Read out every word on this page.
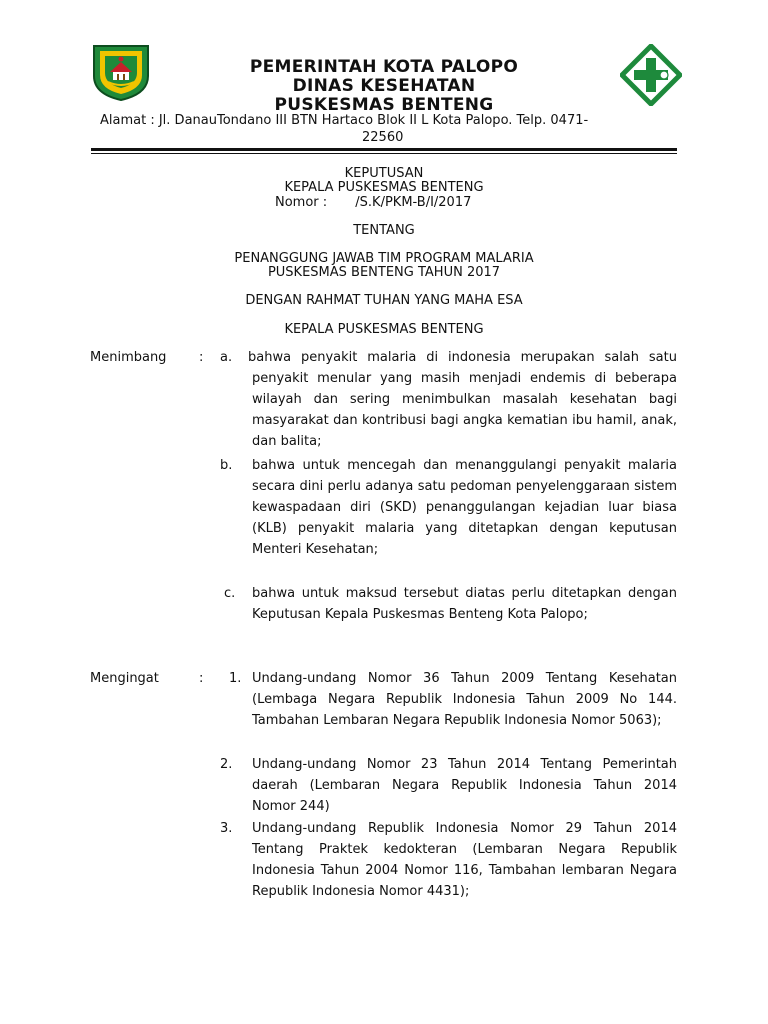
PEMERINTAH KOTA PALOPO
DINAS KESEHATAN
PUSKESMAS BENTENG
Alamat : Jl. DanauTondano III BTN Hartaco Blok II L Kota Palopo. Telp. 0471-
22560
KEPUTUSAN
KEPALA PUSKESMAS BENTENG
Nomor : /S.K/PKM-B/I/2017
TENTANG
PENANGGUNG JAWAB TIM PROGRAM MALARIA
PUSKESMAS BENTENG TAHUN 2017
DENGAN RAHMAT TUHAN YANG MAHA ESA
KEPALA PUSKESMAS BENTENG
Menimbang	: a. bahwa penyakit malaria di indonesia merupakan salah satu penyakit menular yang masih menjadi endemis di beberapa wilayah dan sering menimbulkan masalah kesehatan bagi masyarakat dan kontribusi bagi angka kematian ibu hamil, anak, dan balita;
b. bahwa untuk mencegah dan menanggulangi penyakit malaria secara dini perlu adanya satu pedoman penyelenggaraan sistem kewaspadaan diri (SKD) penanggulangan kejadian luar biasa (KLB) penyakit malaria yang ditetapkan dengan keputusan Menteri Kesehatan;
c. bahwa untuk maksud tersebut diatas perlu ditetapkan dengan Keputusan Kepala Puskesmas Benteng Kota Palopo;
Mengingat	: 1. Undang-undang Nomor 36 Tahun 2009 Tentang Kesehatan (Lembaga Negara Republik Indonesia Tahun 2009 No 144. Tambahan Lembaran Negara Republik Indonesia Nomor 5063);
2. Undang-undang Nomor 23 Tahun 2014 Tentang Pemerintah daerah (Lembaran Negara Republik Indonesia Tahun 2014 Nomor 244)
3. Undang-undang Republik Indonesia Nomor 29 Tahun 2014 Tentang Praktek kedokteran (Lembaran Negara Republik Indonesia Tahun 2004 Nomor 116, Tambahan lembaran Negara Republik Indonesia Nomor 4431);
